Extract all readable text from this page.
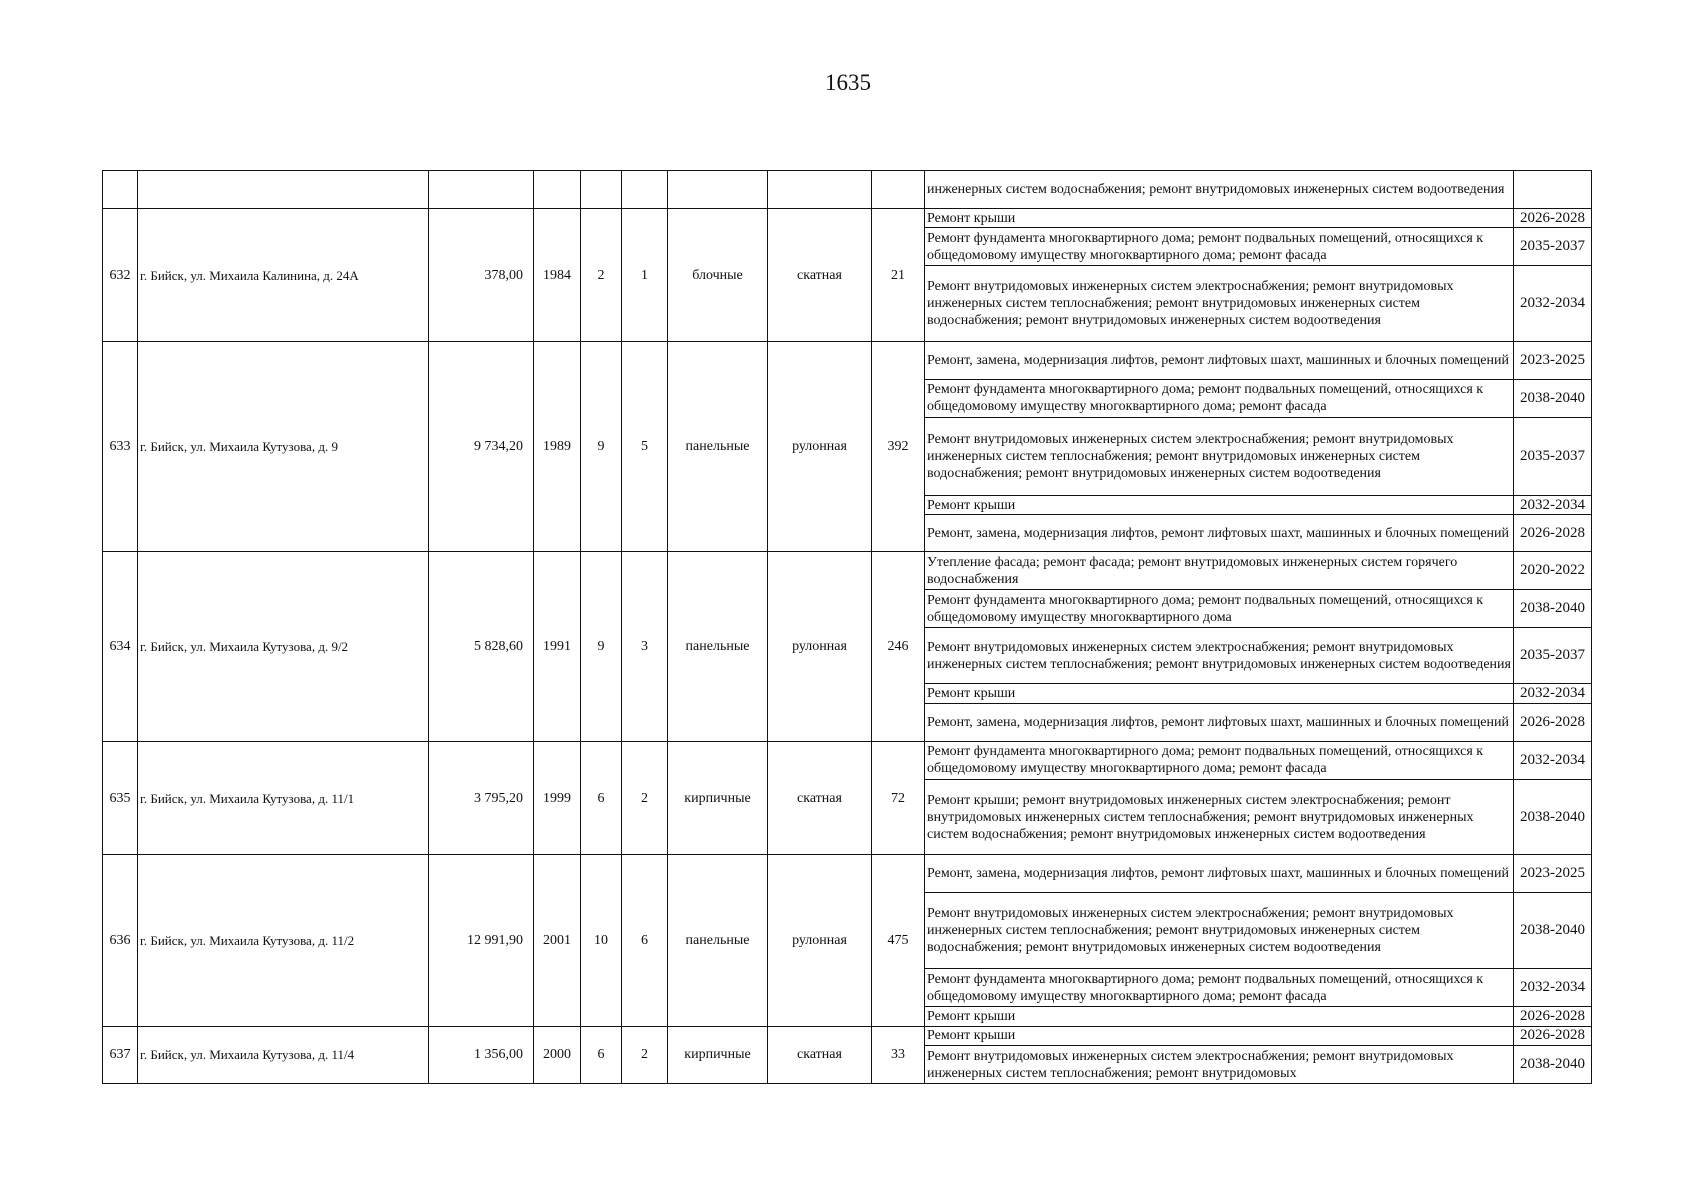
1635
									инженерных систем водоснабжения; ремонт внутридомовых инженерных систем водоотведения	
632	г. Бийск, ул. Михаила Калинина, д. 24А	378,00	1984	2	1	блочные	скатная	21	Ремонт крыши	2026-2028
									Ремонт фундамента многоквартирного дома; ремонт подвальных помещений, относящихся к общедомовому имуществу многоквартирного дома; ремонт фасада	2035-2037
									Ремонт внутридомовых инженерных систем электроснабжения; ремонт внутридомовых инженерных систем теплоснабжения; ремонт внутридомовых инженерных систем водоснабжения; ремонт внутридомовых инженерных систем водоотведения	2032-2034
633	г. Бийск, ул. Михаила Кутузова, д. 9	9 734,20	1989	9	5	панельные	рулонная	392	Ремонт, замена, модернизация лифтов, ремонт лифтовых шахт, машинных и блочных помещений	2023-2025
									Ремонт фундамента многоквартирного дома; ремонт подвальных помещений, относящихся к общедомовому имуществу многоквартирного дома; ремонт фасада	2038-2040
									Ремонт внутридомовых инженерных систем электроснабжения; ремонт внутридомовых инженерных систем теплоснабжения; ремонт внутридомовых инженерных систем водоснабжения; ремонт внутридомовых инженерных систем водоотведения	2035-2037
									Ремонт крыши	2032-2034
									Ремонт, замена, модернизация лифтов, ремонт лифтовых шахт, машинных и блочных помещений	2026-2028
634	г. Бийск, ул. Михаила Кутузова, д. 9/2	5 828,60	1991	9	3	панельные	рулонная	246	Утепление фасада; ремонт фасада; ремонт внутридомовых инженерных систем горячего водоснабжения	2020-2022
									Ремонт фундамента многоквартирного дома; ремонт подвальных помещений, относящихся к общедомовому имуществу многоквартирного дома	2038-2040
									Ремонт внутридомовых инженерных систем электроснабжения; ремонт внутридомовых инженерных систем теплоснабжения; ремонт внутридомовых инженерных систем водоотведения	2035-2037
									Ремонт крыши	2032-2034
									Ремонт, замена, модернизация лифтов, ремонт лифтовых шахт, машинных и блочных помещений	2026-2028
635	г. Бийск, ул. Михаила Кутузова, д. 11/1	3 795,20	1999	6	2	кирпичные	скатная	72	Ремонт фундамента многоквартирного дома; ремонт подвальных помещений, относящихся к общедомовому имуществу многоквартирного дома; ремонт фасада	2032-2034
									Ремонт крыши; ремонт внутридомовых инженерных систем электроснабжения; ремонт внутридомовых инженерных систем теплоснабжения; ремонт внутридомовых инженерных систем водоснабжения; ремонт внутридомовых инженерных систем водоотведения	2038-2040
636	г. Бийск, ул. Михаила Кутузова, д. 11/2	12 991,90	2001	10	6	панельные	рулонная	475	Ремонт, замена, модернизация лифтов, ремонт лифтовых шахт, машинных и блочных помещений	2023-2025
									Ремонт внутридомовых инженерных систем электроснабжения; ремонт внутридомовых инженерных систем теплоснабжения; ремонт внутридомовых инженерных систем водоснабжения; ремонт внутридомовых инженерных систем водоотведения	2038-2040
									Ремонт фундамента многоквартирного дома; ремонт подвальных помещений, относящихся к общедомовому имуществу многоквартирного дома; ремонт фасада	2032-2034
									Ремонт крыши	2026-2028
637	г. Бийск, ул. Михаила Кутузова, д. 11/4	1 356,00	2000	6	2	кирпичные	скатная	33	Ремонт крыши	2026-2028
									Ремонт внутридомовых инженерных систем электроснабжения; ремонт внутридомовых инженерных систем теплоснабжения; ремонт внутридомовых	2038-2040
